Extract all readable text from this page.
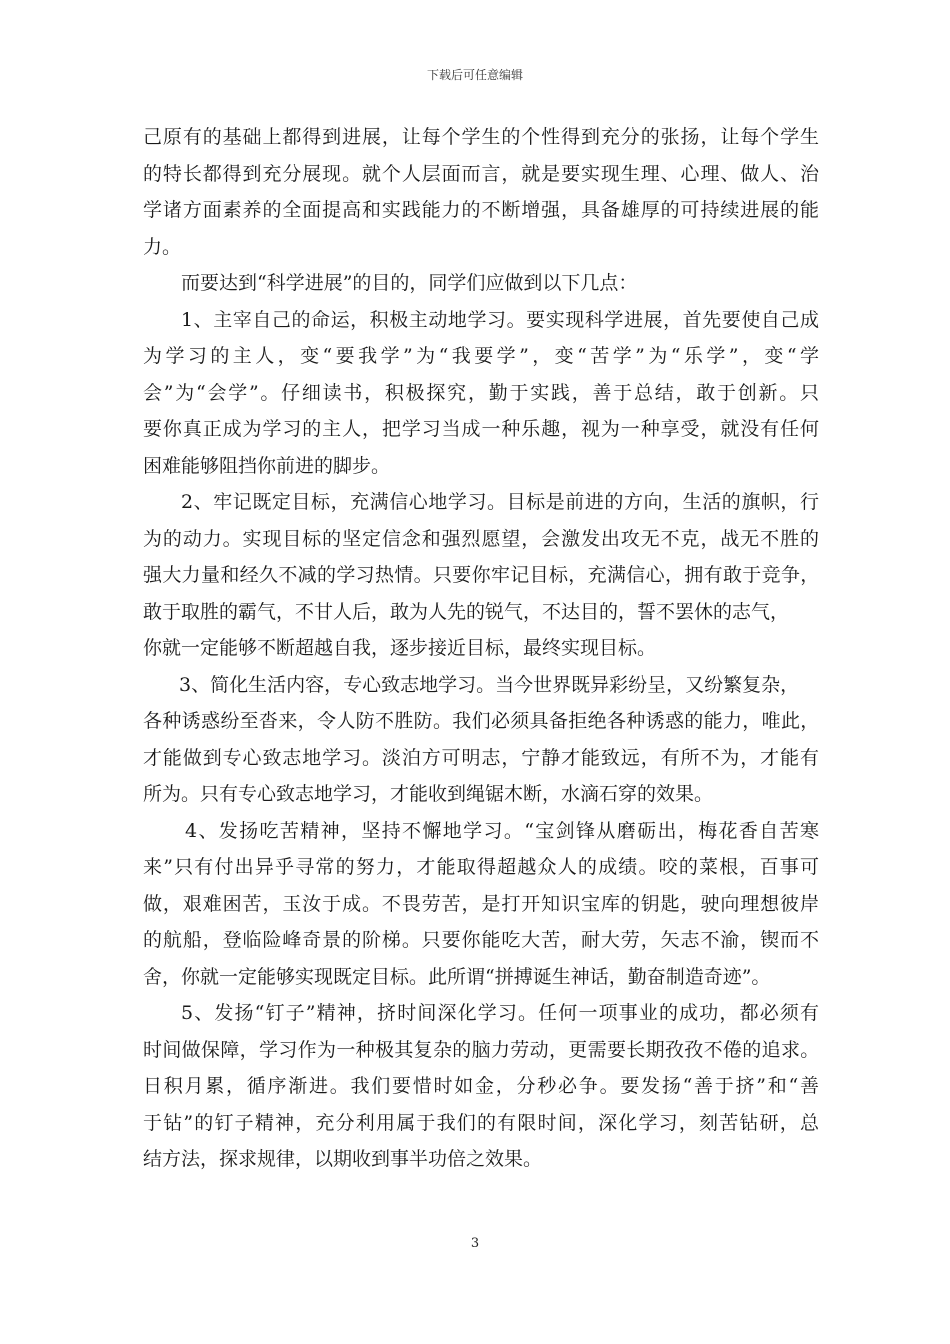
下载后可任意编辑
己原有的基础上都得到进展，让每个学生的个性得到充分的张扬，让每个学生
的特长都得到充分展现。就个人层面而言，就是要实现生理、心理、做人、治
学诸方面素养的全面提高和实践能力的不断增强，具备雄厚的可持续进展的能
力。
而要达到“科学进展”的目的，同学们应做到以下几点：
1、主宰自己的命运，积极主动地学习。要实现科学进展，首先要使自己成
为学习的主人，变“要我学”为“我要学”，变“苦学”为“乐学”，变“学
会”为“会学”。仔细读书，积极探究，勤于实践，善于总结，敢于创新。只
要你真正成为学习的主人，把学习当成一种乐趣，视为一种享受，就没有任何
困难能够阻挡你前进的脚步。
2、牢记既定目标，充满信心地学习。目标是前进的方向，生活的旗帜，行
为的动力。实现目标的坚定信念和强烈愿望，会激发出攻无不克，战无不胜的
强大力量和经久不减的学习热情。只要你牢记目标，充满信心，拥有敢于竞争，
敢于取胜的霸气，不甘人后，敢为人先的锐气，不达目的，誓不罢休的志气，
你就一定能够不断超越自我，逐步接近目标，最终实现目标。
3、简化生活内容，专心致志地学习。当今世界既异彩纷呈，又纷繁复杂，
各种诱惑纷至沓来，令人防不胜防。我们必须具备拒绝各种诱惑的能力，唯此，
才能做到专心致志地学习。淡泊方可明志，宁静才能致远，有所不为，才能有
所为。只有专心致志地学习，才能收到绳锯木断，水滴石穿的效果。
4、发扬吃苦精神，坚持不懈地学习。“宝剑锋从磨砺出，梅花香自苦寒
来”只有付出异乎寻常的努力，才能取得超越众人的成绩。咬的菜根，百事可
做，艰难困苦，玉汝于成。不畏劳苦，是打开知识宝库的钥匙，驶向理想彼岸
的航船，登临险峰奇景的阶梯。只要你能吃大苦，耐大劳，矢志不渝，锲而不
舍，你就一定能够实现既定目标。此所谓“拼搏诞生神话，勤奋制造奇迹”。
5、发扬“钉子”精神，挤时间深化学习。任何一项事业的成功，都必须有
时间做保障，学习作为一种极其复杂的脑力劳动，更需要长期孜孜不倦的追求。
日积月累，循序渐进。我们要惜时如金，分秒必争。要发扬“善于挤”和“善
于钻”的钉子精神，充分利用属于我们的有限时间，深化学习，刻苦钻研，总
结方法，探求规律，以期收到事半功倍之效果。
3
